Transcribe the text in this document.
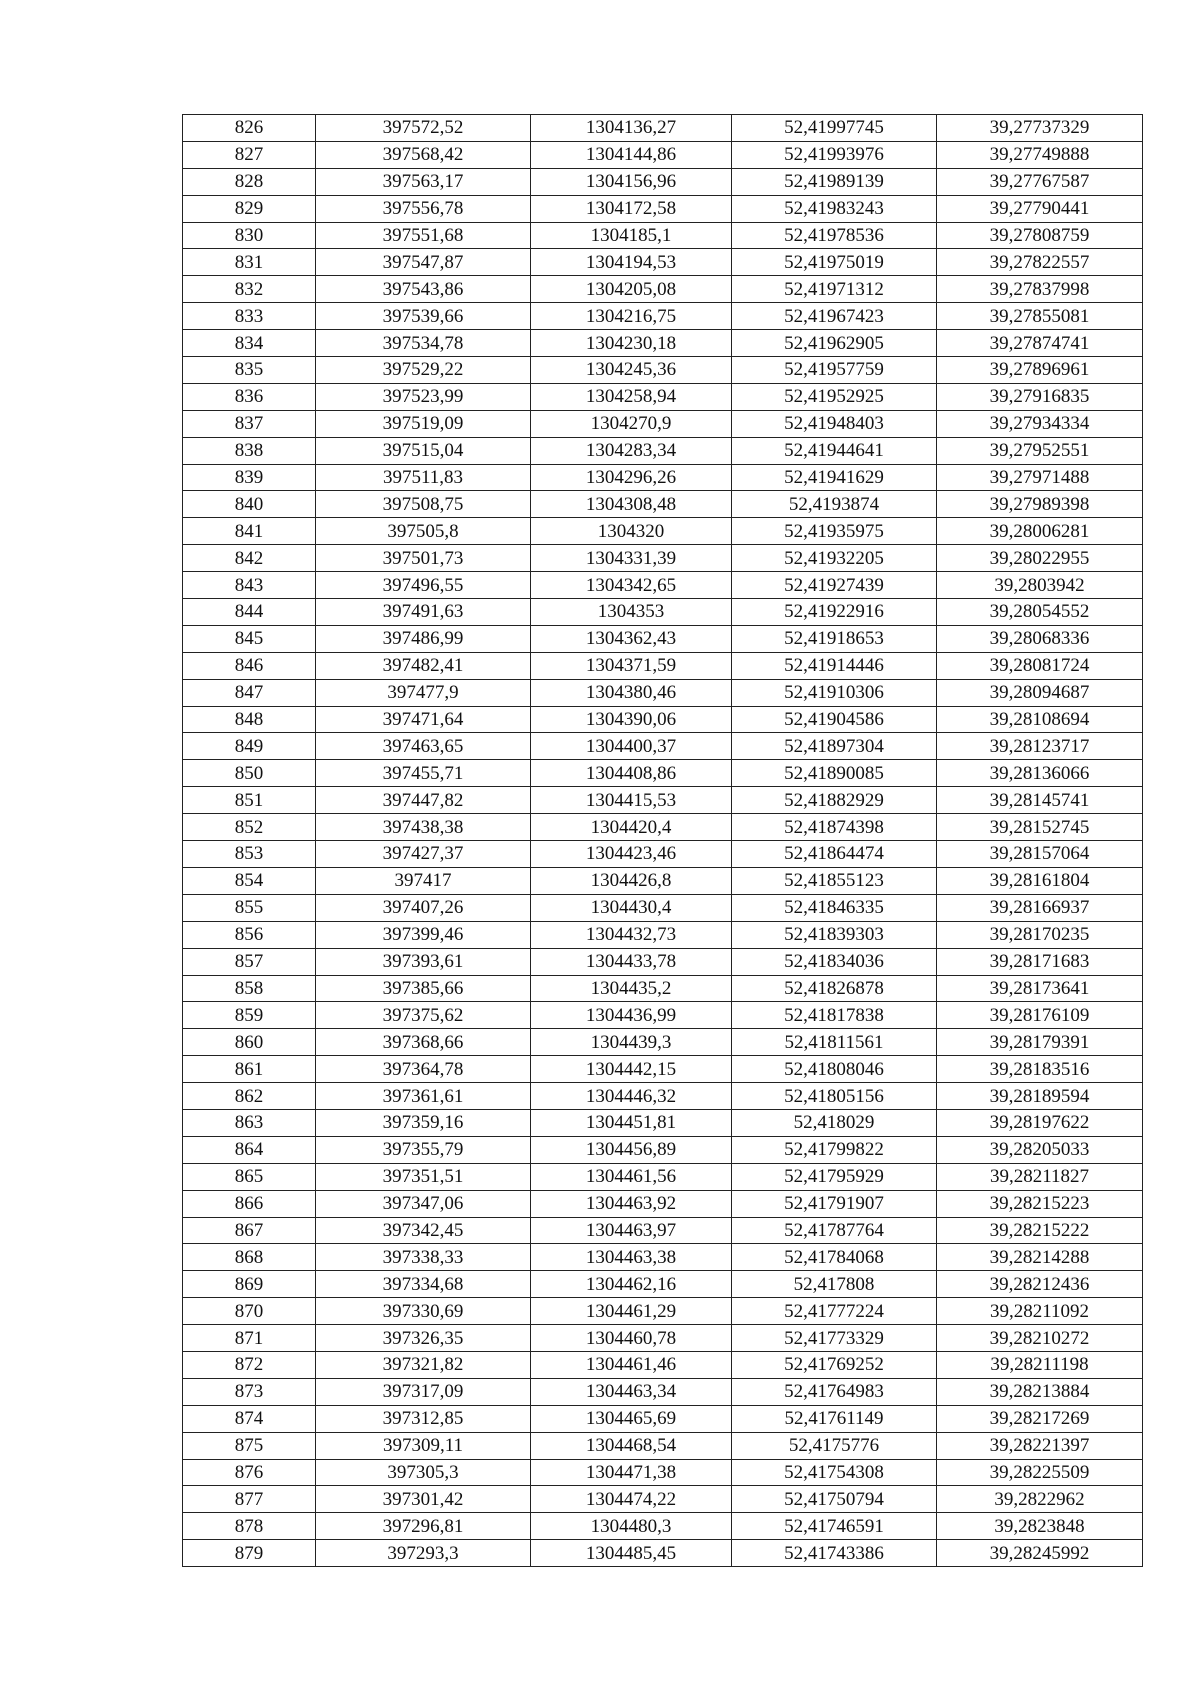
826	397572,52	1304136,27	52,41997745	39,27737329
827	397568,42	1304144,86	52,41993976	39,27749888
828	397563,17	1304156,96	52,41989139	39,27767587
829	397556,78	1304172,58	52,41983243	39,27790441
830	397551,68	1304185,1	52,41978536	39,27808759
831	397547,87	1304194,53	52,41975019	39,27822557
832	397543,86	1304205,08	52,41971312	39,27837998
833	397539,66	1304216,75	52,41967423	39,27855081
834	397534,78	1304230,18	52,41962905	39,27874741
835	397529,22	1304245,36	52,41957759	39,27896961
836	397523,99	1304258,94	52,41952925	39,27916835
837	397519,09	1304270,9	52,41948403	39,27934334
838	397515,04	1304283,34	52,41944641	39,27952551
839	397511,83	1304296,26	52,41941629	39,27971488
840	397508,75	1304308,48	52,4193874	39,27989398
841	397505,8	1304320	52,41935975	39,28006281
842	397501,73	1304331,39	52,41932205	39,28022955
843	397496,55	1304342,65	52,41927439	39,2803942
844	397491,63	1304353	52,41922916	39,28054552
845	397486,99	1304362,43	52,41918653	39,28068336
846	397482,41	1304371,59	52,41914446	39,28081724
847	397477,9	1304380,46	52,41910306	39,28094687
848	397471,64	1304390,06	52,41904586	39,28108694
849	397463,65	1304400,37	52,41897304	39,28123717
850	397455,71	1304408,86	52,41890085	39,28136066
851	397447,82	1304415,53	52,41882929	39,28145741
852	397438,38	1304420,4	52,41874398	39,28152745
853	397427,37	1304423,46	52,41864474	39,28157064
854	397417	1304426,8	52,41855123	39,28161804
855	397407,26	1304430,4	52,41846335	39,28166937
856	397399,46	1304432,73	52,41839303	39,28170235
857	397393,61	1304433,78	52,41834036	39,28171683
858	397385,66	1304435,2	52,41826878	39,28173641
859	397375,62	1304436,99	52,41817838	39,28176109
860	397368,66	1304439,3	52,41811561	39,28179391
861	397364,78	1304442,15	52,41808046	39,28183516
862	397361,61	1304446,32	52,41805156	39,28189594
863	397359,16	1304451,81	52,418029	39,28197622
864	397355,79	1304456,89	52,41799822	39,28205033
865	397351,51	1304461,56	52,41795929	39,28211827
866	397347,06	1304463,92	52,41791907	39,28215223
867	397342,45	1304463,97	52,41787764	39,28215222
868	397338,33	1304463,38	52,41784068	39,28214288
869	397334,68	1304462,16	52,417808	39,28212436
870	397330,69	1304461,29	52,41777224	39,28211092
871	397326,35	1304460,78	52,41773329	39,28210272
872	397321,82	1304461,46	52,41769252	39,28211198
873	397317,09	1304463,34	52,41764983	39,28213884
874	397312,85	1304465,69	52,41761149	39,28217269
875	397309,11	1304468,54	52,4175776	39,28221397
876	397305,3	1304471,38	52,41754308	39,28225509
877	397301,42	1304474,22	52,41750794	39,2822962
878	397296,81	1304480,3	52,41746591	39,2823848
879	397293,3	1304485,45	52,41743386	39,28245992
